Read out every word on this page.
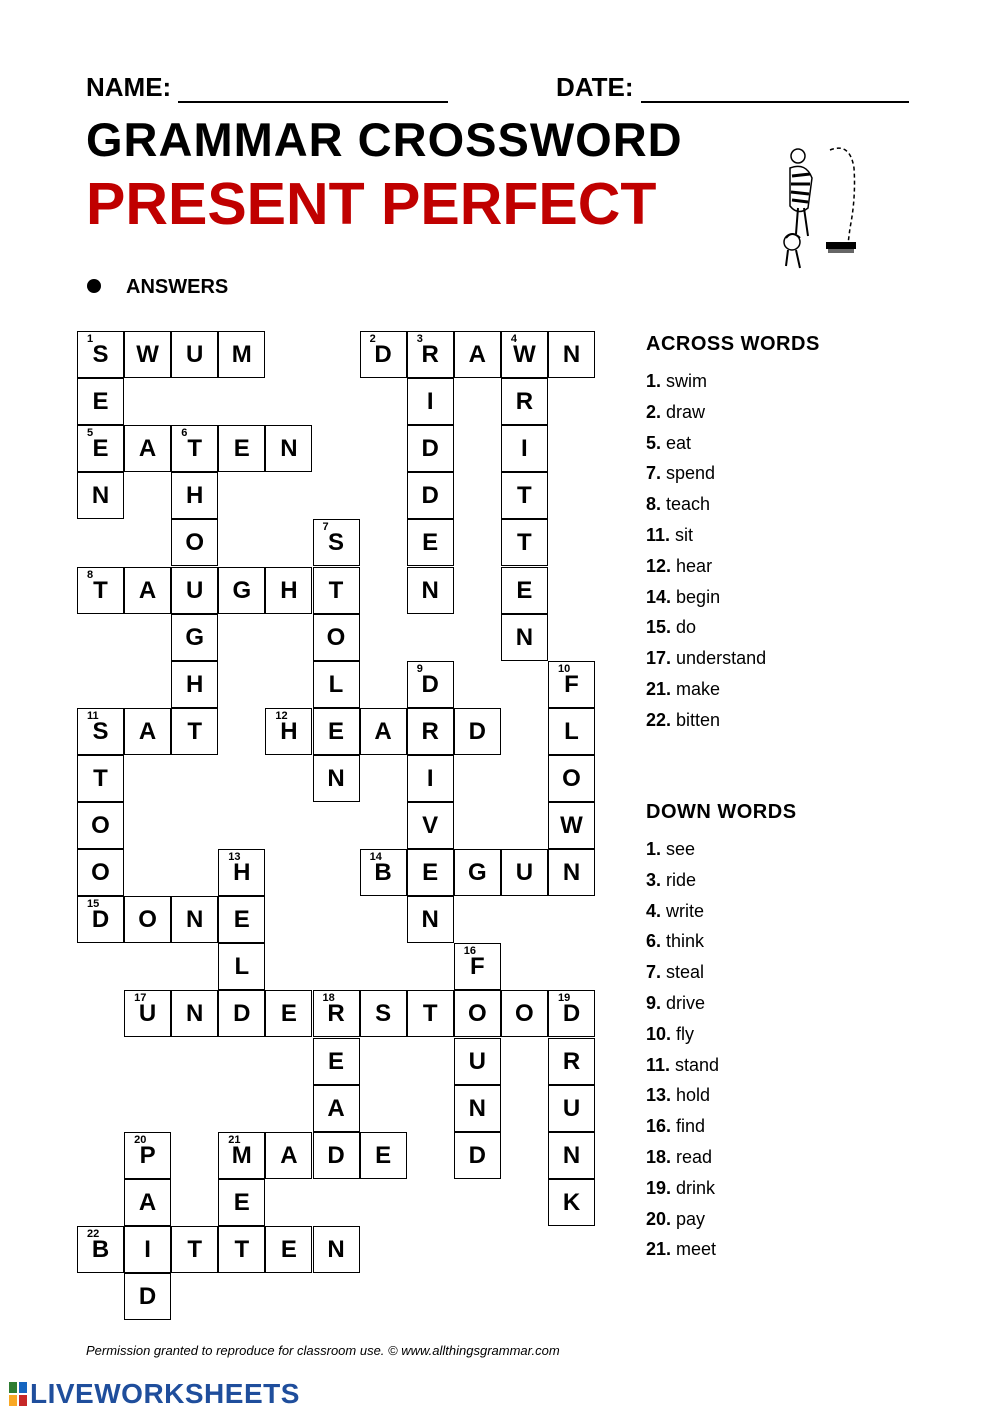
NAME:	DATE:
GRAMMAR CROSSWORD
PRESENT PERFECT
ANSWERS
1
S	W	U	M
2
D
3
R	A
4
W	N
5
E	A
6
T	E	N
8
T	A	U	G	H	T
11
S	A	T
12
H	E	A	R	D
14
B	E	G	U	N
15
D	O	N	E
17
U	N	D	E
18
R	S	T	O	O
19
D
21
M	A	D	E
22
B	I	T	T	E	N
E
N
I
D
D
E
N
R
I
T
T
E
N
H
O
G
H
7
S
O
L
N
9
D
I
V
N
10
F
L
O
W
T
O
O
13
H
L
16
F
U
N
D
E
A
R
U
N
K
20
P
A
D
E
ACROSS WORDS
1. swim
2. draw
5. eat
7. spend
8. teach
11. sit
12. hear
14. begin
15. do
17. understand
21. make
22. bitten
DOWN WORDS
1. see
3. ride
4. write
6. think
7. steal
9. drive
10. fly
11. stand
13. hold
16. find
18. read
19. drink
20. pay
21. meet
Permission granted to reproduce for classroom use. © www.allthingsgrammar.com
LIVEWORKSHEETS
